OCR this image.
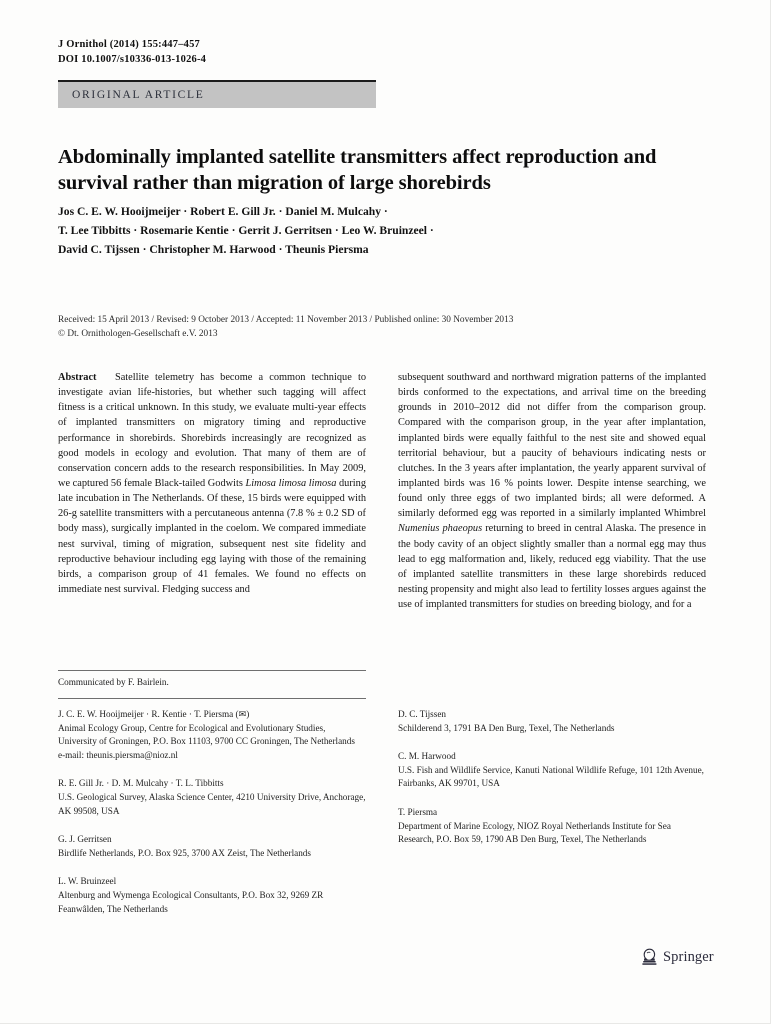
J Ornithol (2014) 155:447–457
DOI 10.1007/s10336-013-1026-4
ORIGINAL ARTICLE
Abdominally implanted satellite transmitters affect reproduction and survival rather than migration of large shorebirds
Jos C. E. W. Hooijmeijer · Robert E. Gill Jr. · Daniel M. Mulcahy ·
T. Lee Tibbitts · Rosemarie Kentie · Gerrit J. Gerritsen · Leo W. Bruinzeel ·
David C. Tijssen · Christopher M. Harwood · Theunis Piersma
Received: 15 April 2013 / Revised: 9 October 2013 / Accepted: 11 November 2013 / Published online: 30 November 2013
© Dt. Ornithologen-Gesellschaft e.V. 2013

Abstract   Satellite telemetry has become a common technique to investigate avian life-histories, but whether such tagging will affect fitness is a critical unknown. In this study, we evaluate multi-year effects of implanted transmitters on migratory timing and reproductive performance in shorebirds. Shorebirds increasingly are recognized as good models in ecology and evolution. That many of them are of conservation concern adds to the research responsibilities. In May 2009, we captured 56 female Black-tailed Godwits Limosa limosa limosa during late incubation in The Netherlands. Of these, 15 birds were equipped with 26-g satellite transmitters with a percutaneous antenna (7.8 % ± 0.2 SD of body mass), surgically implanted in the coelom. We compared immediate nest survival, timing of migration, subsequent nest site fidelity and reproductive behaviour including egg laying with those of the remaining birds, a comparison group of 41 females. We found no effects on immediate nest survival. Fledging success and

subsequent southward and northward migration patterns of the implanted birds conformed to the expectations, and arrival time on the breeding grounds in 2010–2012 did not differ from the comparison group. Compared with the comparison group, in the year after implantation, implanted birds were equally faithful to the nest site and showed equal territorial behaviour, but a paucity of behaviours indicating nests or clutches. In the 3 years after implantation, the yearly apparent survival of implanted birds was 16 % points lower. Despite intense searching, we found only three eggs of two implanted birds; all were deformed. A similarly deformed egg was reported in a similarly implanted Whimbrel Numenius phaeopus returning to breed in central Alaska. The presence in the body cavity of an object slightly smaller than a normal egg may thus lead to egg malformation and, likely, reduced egg viability. That the use of implanted satellite transmitters in these large shorebirds reduced nesting propensity and might also lead to fertility losses argues against the use of implanted transmitters for studies on breeding biology, and for a

Communicated by F. Bairlein.
J. C. E. W. Hooijmeijer · R. Kentie · T. Piersma (✉)
Animal Ecology Group, Centre for Ecological and Evolutionary Studies, University of Groningen, P.O. Box 11103, 9700 CC Groningen, The Netherlands
e-mail: theunis.piersma@nioz.nl
R. E. Gill Jr. · D. M. Mulcahy · T. L. Tibbitts
U.S. Geological Survey, Alaska Science Center, 4210 University Drive, Anchorage, AK 99508, USA
G. J. Gerritsen
Birdlife Netherlands, P.O. Box 925, 3700 AX Zeist, The Netherlands
L. W. Bruinzeel
Altenburg and Wymenga Ecological Consultants, P.O. Box 32, 9269 ZR Feanwâlden, The Netherlands
D. C. Tijssen
Schilderend 3, 1791 BA Den Burg, Texel, The Netherlands
C. M. Harwood
U.S. Fish and Wildlife Service, Kanuti National Wildlife Refuge, 101 12th Avenue, Fairbanks, AK 99701, USA
T. Piersma
Department of Marine Ecology, NIOZ Royal Netherlands Institute for Sea Research, P.O. Box 59, 1790 AB Den Burg, Texel, The Netherlands
Springer
